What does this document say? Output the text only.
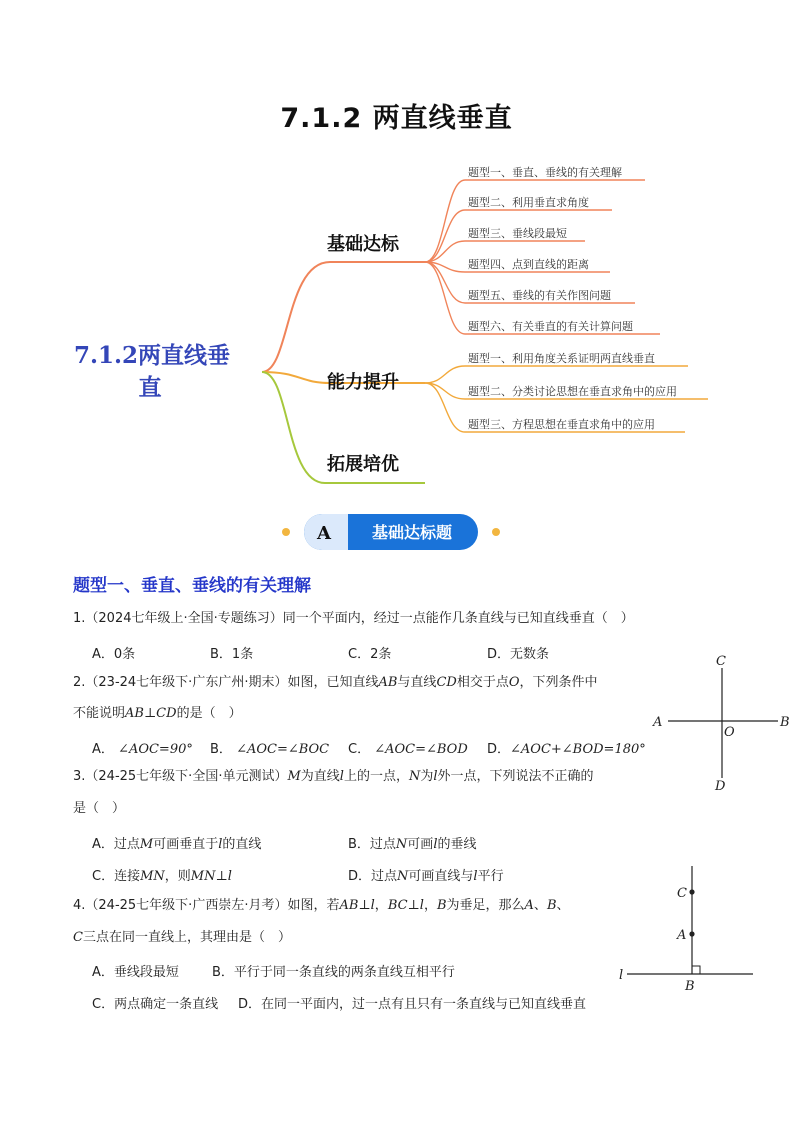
7.1.2 两直线垂直
7.1.2两直线垂
直
基础达标
能力提升
拓展培优
题型一、垂直、垂线的有关理解
题型二、利用垂直求角度
题型三、垂线段最短
题型四、点到直线的距离
题型五、垂线的有关作图问题
题型六、有关垂直的有关计算问题
题型一、利用角度关系证明两直线垂直
题型二、分类讨论思想在垂直求角中的应用
题型三、方程思想在垂直求角中的应用
A	基础达标题
题型一、垂直、垂线的有关理解
1.（2024七年级上·全国·专题练习）同一个平面内，经过一点能作几条直线与已知直线垂直（　）
A．0条	B．1条	C．2条	D．无数条
2.（23-24七年级下·广东广州·期末）如图，已知直线AB与直线CD相交于点O，下列条件中
不能说明AB⊥CD的是（　）
A． ∠AOC=90° B． ∠AOC=∠BOC C． ∠AOC=∠BOD D．∠AOC+∠BOD=180°
C
A
O
B
D
3.（24-25七年级下·全国·单元测试）M为直线l上的一点，N为l外一点，下列说法不正确的
是（　）
A．过点M可画垂直于l的直线	B．过点N可画l的垂线
C．连接MN，则MN⊥l	D．过点N可画直线与l平行
4.（24-25七年级下·广西崇左·月考）如图，若AB⊥l，BC⊥l，B为垂足，那么A、B、
C三点在同一直线上，其理由是（　）
A．垂线段最短	B．平行于同一条直线的两条直线互相平行
C．两点确定一条直线 D．在同一平面内，过一点有且只有一条直线与已知直线垂直
C
A
l
B
